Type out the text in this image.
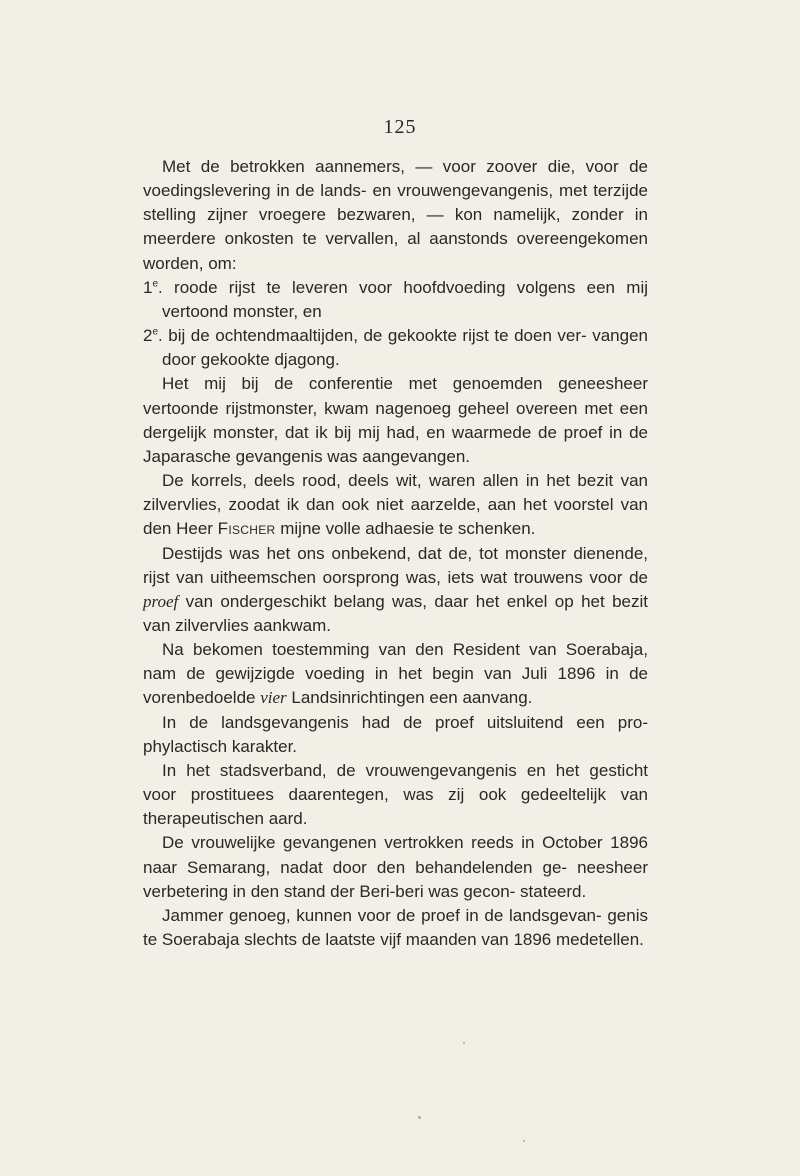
125

Met de betrokken aannemers, — voor zoover die, voor de voedingslevering in de lands- en vrouwengevangenis, met terzijde stelling zijner vroegere bezwaren, — kon namelijk, zonder in meerdere onkosten te vervallen, al aanstonds overeengekomen worden, om:

1e. roode rijst te leveren voor hoofdvoeding volgens een mij vertoond monster, en

2e. bij de ochtendmaaltijden, de gekookte rijst te doen ver‑ vangen door gekookte djagong.

Het mij bij de conferentie met genoemden geneesheer vertoonde rijstmonster, kwam nagenoeg geheel overeen met een dergelijk monster, dat ik bij mij had, en waarmede de proef in de Japarasche gevangenis was aangevangen.

De korrels, deels rood, deels wit, waren allen in het bezit van zilvervlies, zoodat ik dan ook niet aarzelde, aan het voorstel van den Heer Fischer mijne volle adhaesie te schenken.

Destijds was het ons onbekend, dat de, tot monster dienende, rijst van uitheemschen oorsprong was, iets wat trouwens voor de proef van ondergeschikt belang was, daar het enkel op het bezit van zilvervlies aankwam.

Na bekomen toestemming van den Resident van Soerabaja, nam de gewijzigde voeding in het begin van Juli 1896 in de vorenbedoelde vier Landsinrichtingen een aanvang.

In de landsgevangenis had de proef uitsluitend een pro‑ phylactisch karakter.

In het stadsverband, de vrouwengevangenis en het gesticht voor prostituees daarentegen, was zij ook gedeeltelijk van therapeutischen aard.

De vrouwelijke gevangenen vertrokken reeds in October 1896 naar Semarang, nadat door den behandelenden ge‑ neesheer verbetering in den stand der Beri-beri was gecon‑ stateerd.

Jammer genoeg, kunnen voor de proef in de landsgevan‑ genis te Soerabaja slechts de laatste vijf maanden van 1896 medetellen.
